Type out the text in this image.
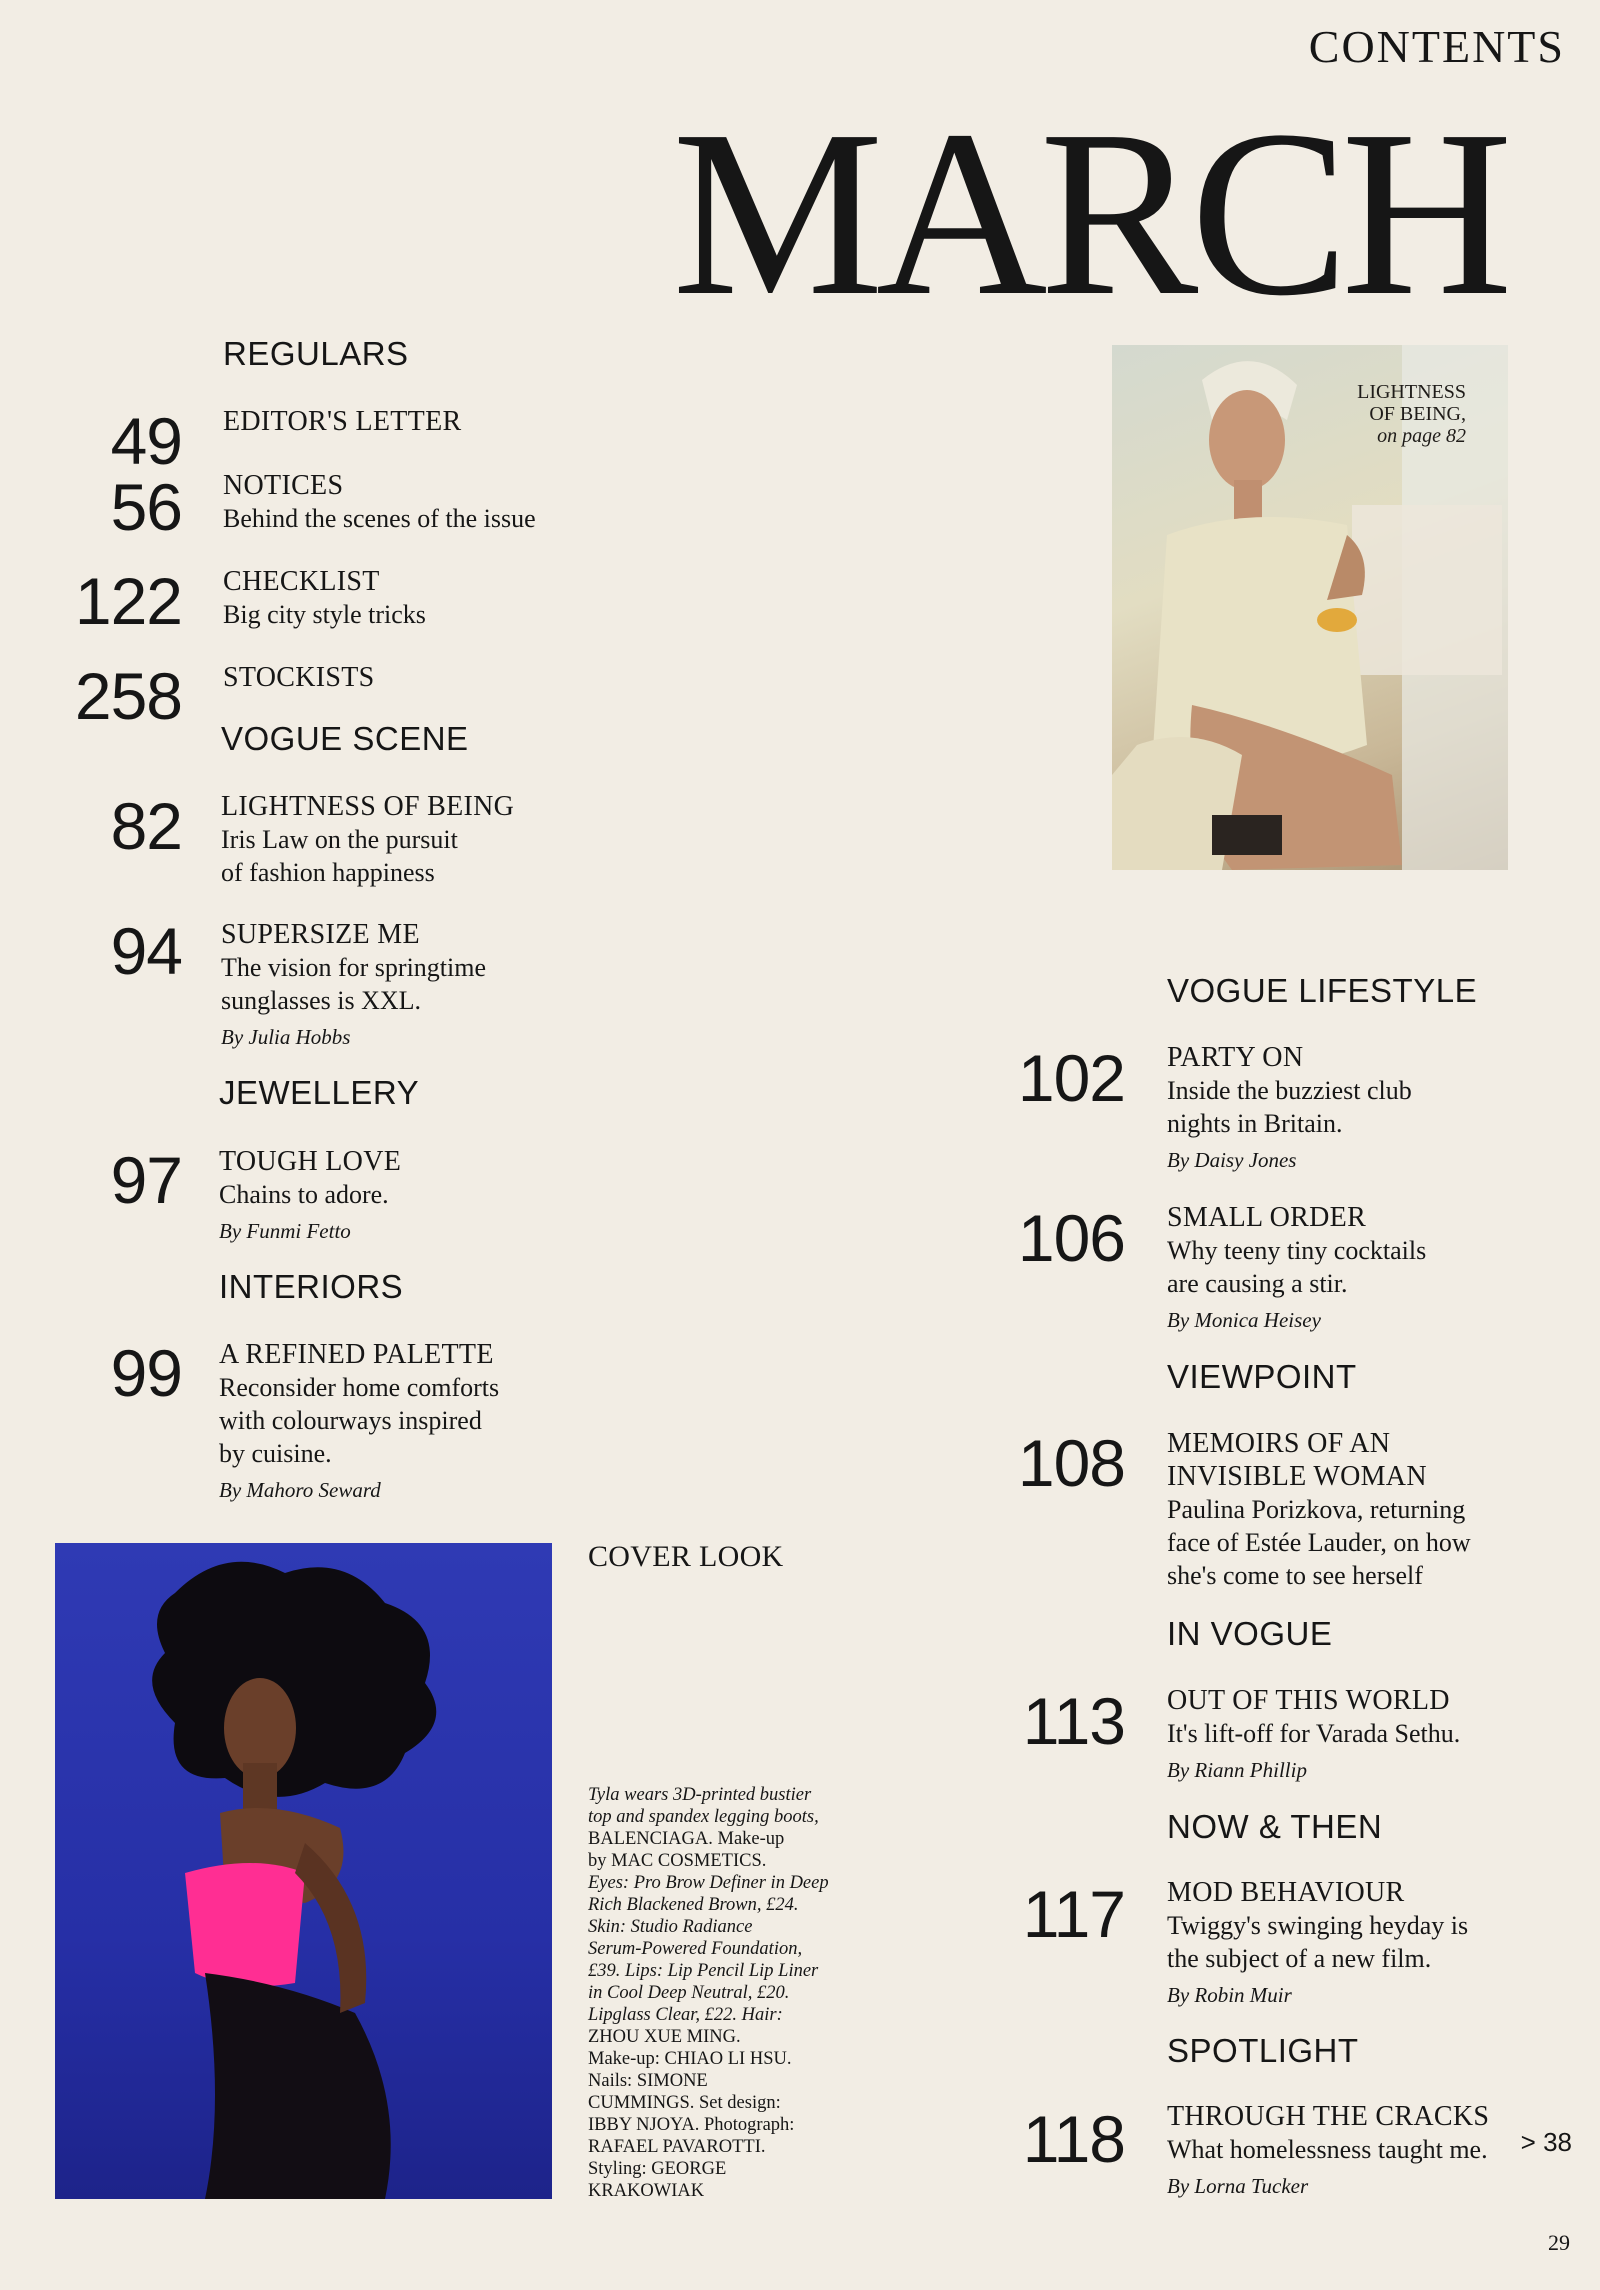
CONTENTS
MARCH
REGULARS
VOGUE SCENE
JEWELLERY
INTERIORS
VOGUE LIFESTYLE
VIEWPOINT
IN VOGUE
NOW & THEN
SPOTLIGHT
49 EDITOR'S LETTER
56 NOTICES
Behind the scenes of the issue
122 CHECKLIST
Big city style tricks
258 STOCKISTS
82 LIGHTNESS OF BEING
Iris Law on the pursuit
of fashion happiness
94 SUPERSIZE ME
The vision for springtime
sunglasses is XXL.
By Julia Hobbs
97 TOUGH LOVE
Chains to adore.
By Funmi Fetto
99 A REFINED PALETTE
Reconsider home comforts
with colourways inspired
by cuisine.
By Mahoro Seward
102 PARTY ON
Inside the buzziest club
nights in Britain.
By Daisy Jones
106 SMALL ORDER
Why teeny tiny cocktails
are causing a stir.
By Monica Heisey
108 MEMOIRS OF AN
INVISIBLE WOMAN
Paulina Porizkova, returning
face of Estée Lauder, on how
she's come to see herself
113 OUT OF THIS WORLD
It's lift-off for Varada Sethu.
By Riann Phillip
117 MOD BEHAVIOUR
Twiggy's swinging heyday is
the subject of a new film.
By Robin Muir
118 THROUGH THE CRACKS
What homelessness taught me.
By Lorna Tucker
LIGHTNESS
OF BEING,
on page 82
COVER LOOK
Tyla wears 3D-printed bustier
top and spandex legging boots,
BALENCIAGA. Make-up
by MAC COSMETICS.
Eyes: Pro Brow Definer in Deep
Rich Blackened Brown, £24.
Skin: Studio Radiance
Serum-Powered Foundation,
£39. Lips: Lip Pencil Lip Liner
in Cool Deep Neutral, £20.
Lipglass Clear, £22. Hair:
ZHOU XUE MING.
Make-up: CHIAO LI HSU.
Nails: SIMONE
CUMMINGS. Set design:
IBBY NJOYA. Photograph:
RAFAEL PAVAROTTI.
Styling: GEORGE
KRAKOWIAK
> 38
29
